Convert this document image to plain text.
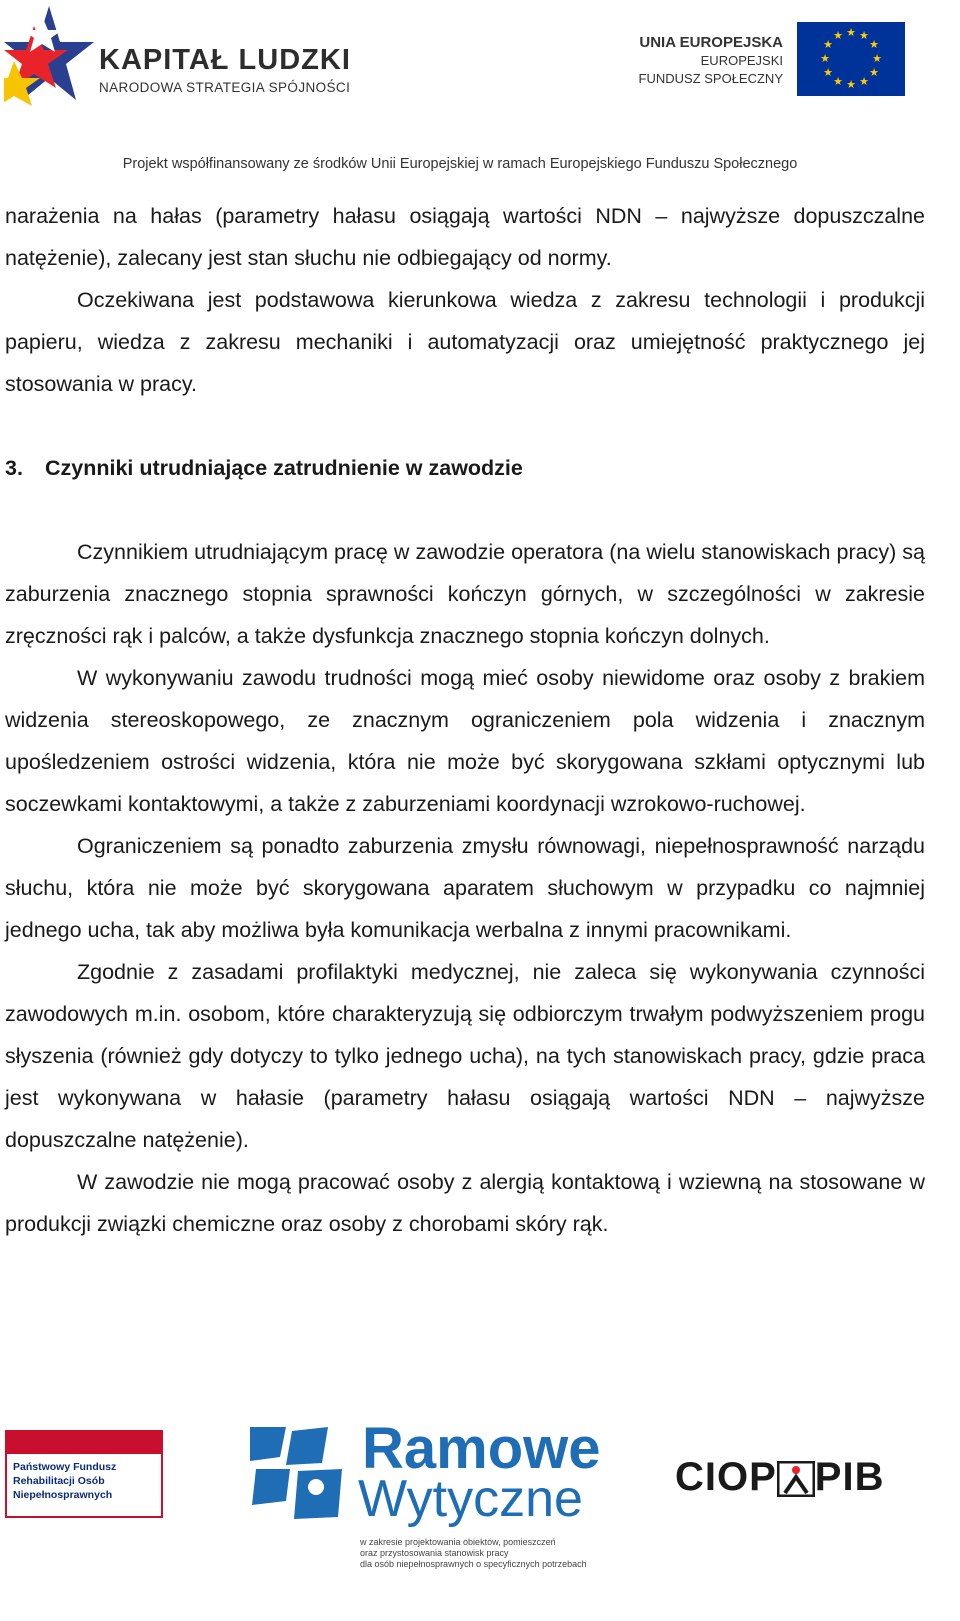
KAPITAŁ LUDZKI
NARODOWA STRATEGIA SPÓJNOŚCI
UNIA EUROPEJSKA
EUROPEJSKI
FUNDUSZ SPOŁECZNY
★ ★
★
★
★
★
★
★
★
★
★
★
Projekt współfinansowany ze środków Unii Europejskiej w ramach Europejskiego Funduszu Społecznego

narażenia na hałas (parametry hałasu osiągają wartości NDN – najwyższe dopuszczalne natężenie), zalecany jest stan słuchu nie odbiegający od normy.

Oczekiwana jest podstawowa kierunkowa wiedza z zakresu technologii i produkcji papieru, wiedza z zakresu mechaniki i automatyzacji oraz umiejętność praktycznego jej stosowania w pracy.

3. Czynniki utrudniające zatrudnienie w zawodzie

Czynnikiem utrudniającym pracę w zawodzie operatora (na wielu stanowiskach pracy) są zaburzenia znacznego stopnia sprawności kończyn górnych, w szczególności w zakresie zręczności rąk i palców, a także dysfunkcja znacznego stopnia kończyn dolnych.

W wykonywaniu zawodu trudności mogą mieć osoby niewidome oraz osoby z brakiem widzenia stereoskopowego, ze znacznym ograniczeniem pola widzenia i znacznym upośledzeniem ostrości widzenia, która nie może być skorygowana szkłami optycznymi lub soczewkami kontaktowymi, a także z zaburzeniami koordynacji wzrokowo-ruchowej.

Ograniczeniem są ponadto zaburzenia zmysłu równowagi, niepełnosprawność narządu słuchu, która nie może być skorygowana aparatem słuchowym w przypadku co najmniej jednego ucha, tak aby możliwa była komunikacja werbalna z innymi pracownikami.

Zgodnie z zasadami profilaktyki medycznej, nie zaleca się wykonywania czynności zawodowych m.in. osobom, które charakteryzują się odbiorczym trwałym podwyższeniem progu słyszenia (również gdy dotyczy to tylko jednego ucha), na tych stanowiskach pracy, gdzie praca jest wykonywana w hałasie (parametry hałasu osiągają wartości NDN – najwyższe dopuszczalne natężenie).

W zawodzie nie mogą pracować osoby z alergią kontaktową i wziewną na stosowane w produkcji związki chemiczne oraz osoby z chorobami skóry rąk.

Państwowy Fundusz
Rehabilitacji Osób
Niepełnosprawnych
Ramowe
Wytyczne
w zakresie projektowania obiektów, pomieszczeń
oraz przystosowania stanowisk pracy
dla osób niepełnosprawnych o specyficznych potrzebach
CIOP PIB
